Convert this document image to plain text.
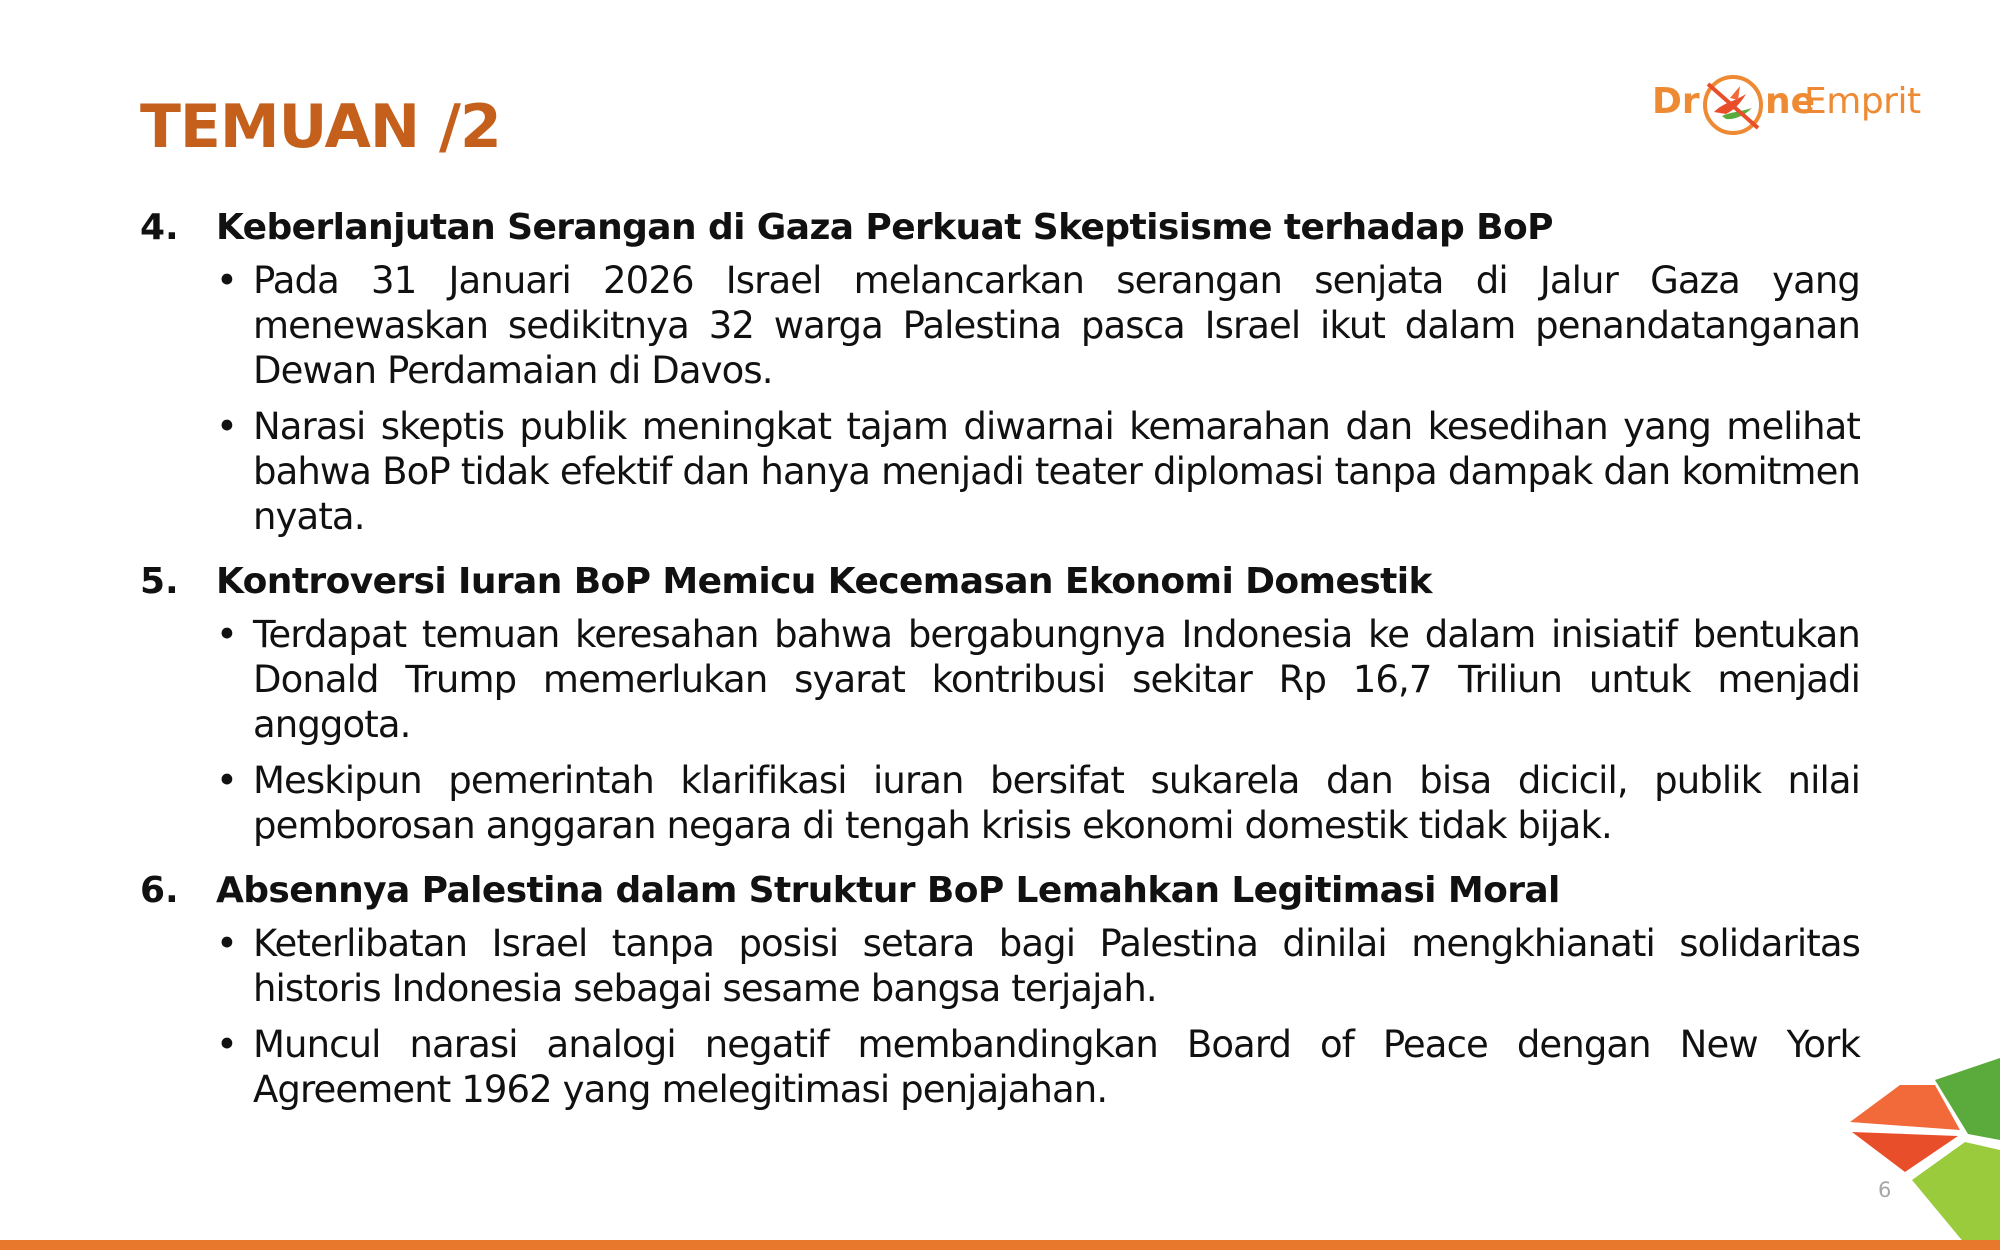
TEMUAN /2	Dr ne
Emprit
4.	Keberlanjutan Serangan di Gaza Perkuat Skeptisisme terhadap BoP
• Pada 31 Januari 2026 Israel melancarkan serangan senjata di Jalur Gaza yang menewaskan sedikitnya 32 warga Palestina pasca Israel ikut dalam penandatanganan Dewan Perdamaian di Davos.
• Narasi skeptis publik meningkat tajam diwarnai kemarahan dan kesedihan yang melihat bahwa BoP tidak efektif dan hanya menjadi teater diplomasi tanpa dampak dan komitmen nyata.
5.	Kontroversi Iuran BoP Memicu Kecemasan Ekonomi Domestik
• Terdapat temuan keresahan bahwa bergabungnya Indonesia ke dalam inisiatif bentukan Donald Trump memerlukan syarat kontribusi sekitar Rp 16,7 Triliun untuk menjadi anggota.
• Meskipun pemerintah klarifikasi iuran bersifat sukarela dan bisa dicicil, publik nilai pemborosan anggaran negara di tengah krisis ekonomi domestik tidak bijak.
6.	Absennya Palestina dalam Struktur BoP Lemahkan Legitimasi Moral
• Keterlibatan Israel tanpa posisi setara bagi Palestina dinilai mengkhianati solidaritas historis Indonesia sebagai sesame bangsa terjajah.
• Muncul narasi analogi negatif membandingkan Board of Peace dengan New York Agreement 1962 yang melegitimasi penjajahan.
6
